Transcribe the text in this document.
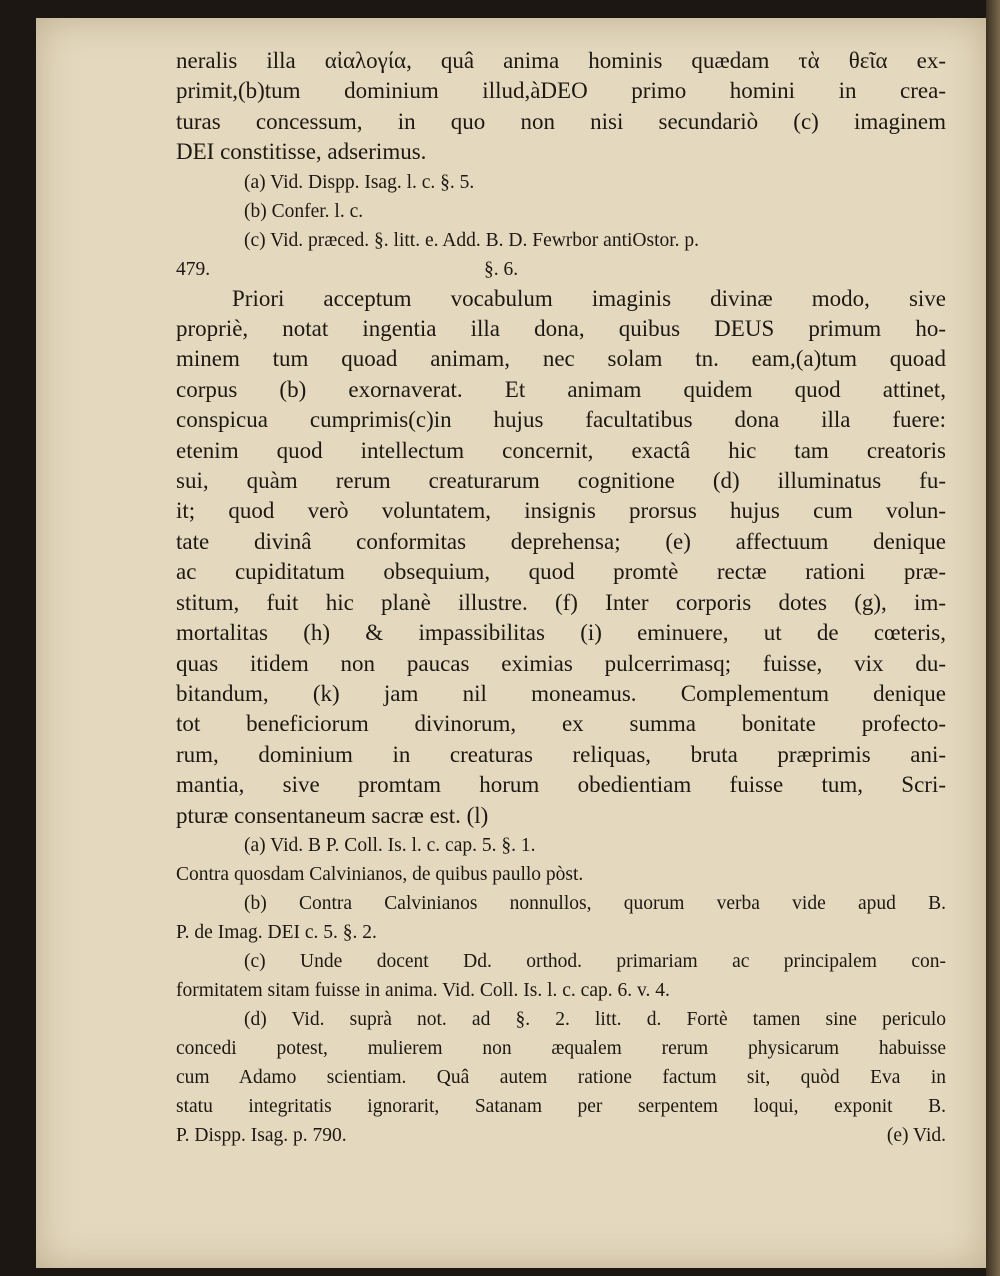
neralis illa αἰαλογία, quâ anima hominis quædam τὰ θεῖα ex-
primit,(b)tum dominium illud,àDEO primo homini in crea-
turas concessum, in quo non nisi secundariò (c) imaginem
DEI constitisse, adserimus.
(a) Vid. Dispp. Isag. l. c. §. 5.
(b) Confer. l. c.
(c) Vid. præced. §. litt. e. Add. B. D. Fewrbor antiOstor. p.
479.	§. 6.
Priori acceptum vocabulum imaginis divinæ modo, sive
propriè, notat ingentia illa dona, quibus DEUS primum ho-
minem tum quoad animam, nec solam tn. eam,(a)tum quoad
corpus (b) exornaverat. Et animam quidem quod attinet,
conspicua cumprimis(c)in hujus facultatibus dona illa fuere:
etenim quod intellectum concernit, exactâ hic tam creatoris
sui, quàm rerum creaturarum cognitione (d) illuminatus fu-
it; quod verò voluntatem, insignis prorsus hujus cum volun-
tate divinâ conformitas deprehensa; (e) affectuum denique
ac cupiditatum obsequium, quod promtè rectæ rationi præ-
stitum, fuit hic planè illustre. (f) Inter corporis dotes (g), im-
mortalitas (h) & impassibilitas (i) eminuere, ut de cœteris,
quas itidem non paucas eximias pulcerrimasq; fuisse, vix du-
bitandum, (k) jam nil moneamus. Complementum denique
tot beneficiorum divinorum, ex summa bonitate profecto-
rum, dominium in creaturas reliquas, bruta præprimis ani-
mantia, sive promtam horum obedientiam fuisse tum, Scri-
pturæ consentaneum sacræ est. (l)
(a) Vid. B P. Coll. Is. l. c. cap. 5. §. 1.
Contra quosdam Calvinianos, de quibus paullo pòst.
(b) Contra Calvinianos nonnullos, quorum verba vide apud B.
P. de Imag. DEI c. 5. §. 2.
(c) Unde docent Dd. orthod. primariam ac principalem con-
formitatem sitam fuisse in anima. Vid. Coll. Is. l. c. cap. 6. v. 4.
(d) Vid. suprà not. ad §. 2. litt. d. Fortè tamen sine periculo
concedi potest, mulierem non æqualem rerum physicarum habuisse
cum Adamo scientiam. Quâ autem ratione factum sit, quòd Eva in
statu integritatis ignorarit, Satanam per serpentem loqui, exponit B.
P. Dispp. Isag. p. 790.	(e) Vid.
